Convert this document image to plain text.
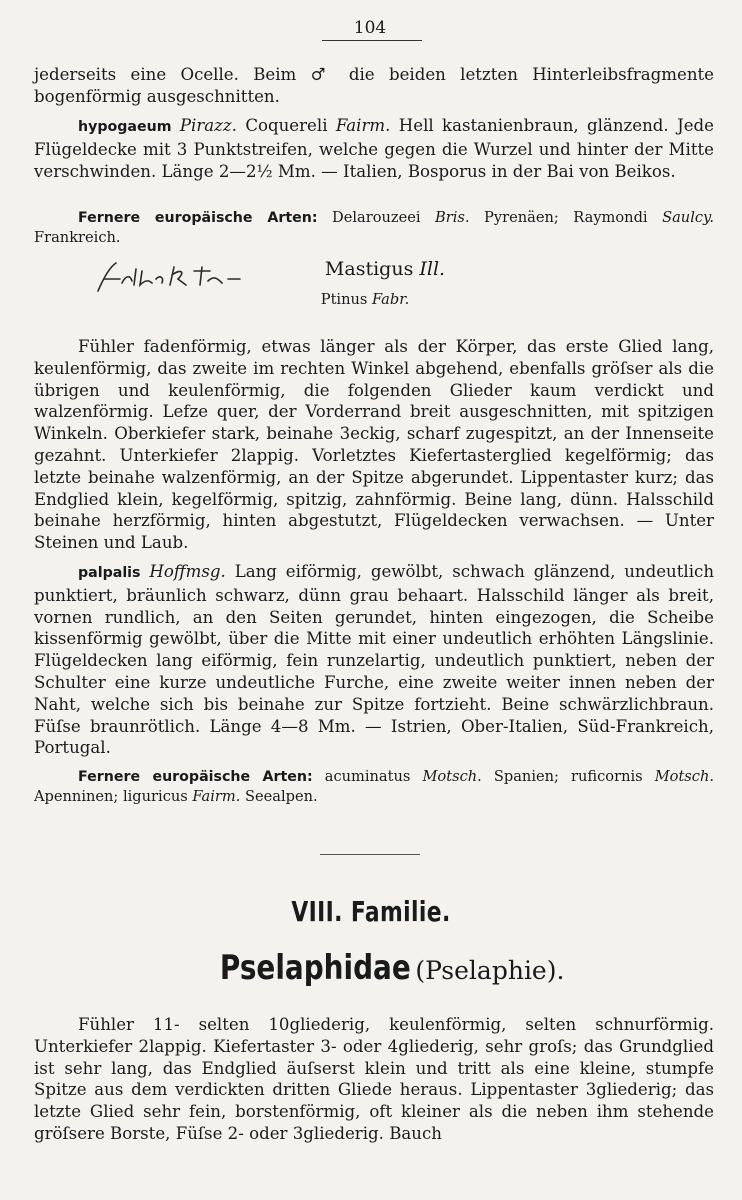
104

jederseits eine Ocelle. Beim ♂ die beiden letzten Hinterleibsfragmente bogenförmig ausgeschnitten.

hypogaeum Pirazz. Coquereli Fairm. Hell kastanienbraun, glänzend. Jede Flügeldecke mit 3 Punktstreifen, welche gegen die Wurzel und hinter der Mitte verschwinden. Länge 2—2½ Mm. — Italien, Bosporus in der Bai von Beikos.

Fernere europäische Arten: Delarouzeei Bris. Pyrenäen; Raymondi Saulcy. Frankreich.

Mastigus Ill.
Ptinus Fabr.

Fühler fadenförmig, etwas länger als der Körper, das erste Glied lang, keulenförmig, das zweite im rechten Winkel abgehend, ebenfalls gröſser als die übrigen und keulenförmig, die folgenden Glieder kaum verdickt und walzenförmig. Lefze quer, der Vorderrand breit ausgeschnitten, mit spitzigen Winkeln. Oberkiefer stark, beinahe 3eckig, scharf zugespitzt, an der Innenseite gezahnt. Unterkiefer 2lappig. Vorletztes Kiefertasterglied kegelförmig; das letzte beinahe walzenförmig, an der Spitze abgerundet. Lippentaster kurz; das Endglied klein, kegelförmig, spitzig, zahnförmig. Beine lang, dünn. Halsschild beinahe herzförmig, hinten abgestutzt, Flügeldecken verwachsen. — Unter Steinen und Laub.

palpalis Hoffmsg. Lang eiförmig, gewölbt, schwach glänzend, undeutlich punktiert, bräunlich schwarz, dünn grau behaart. Halsschild länger als breit, vornen rundlich, an den Seiten gerundet, hinten eingezogen, die Scheibe kissenförmig gewölbt, über die Mitte mit einer undeutlich erhöhten Längslinie. Flügeldecken lang eiförmig, fein runzelartig, undeutlich punktiert, neben der Schulter eine kurze undeutliche Furche, eine zweite weiter innen neben der Naht, welche sich bis beinahe zur Spitze fortzieht. Beine schwärzlichbraun. Füſse braunrötlich. Länge 4—8 Mm. — Istrien, Ober-Italien, Süd-Frankreich, Portugal.

Fernere europäische Arten: acuminatus Motsch. Spanien; ruficornis Motsch. Apenninen; liguricus Fairm. Seealpen.

VIII. Familie.
Pselaphidae (Pselaphie).

Fühler 11- selten 10gliederig, keulenförmig, selten schnurförmig. Unterkiefer 2lappig. Kiefertaster 3- oder 4gliederig, sehr groſs; das Grundglied ist sehr lang, das Endglied äuſserst klein und tritt als eine kleine, stumpfe Spitze aus dem verdickten dritten Gliede heraus. Lippentaster 3gliederig; das letzte Glied sehr fein, borstenförmig, oft kleiner als die neben ihm stehende gröſsere Borste, Füſse 2- oder 3gliederig. Bauch
